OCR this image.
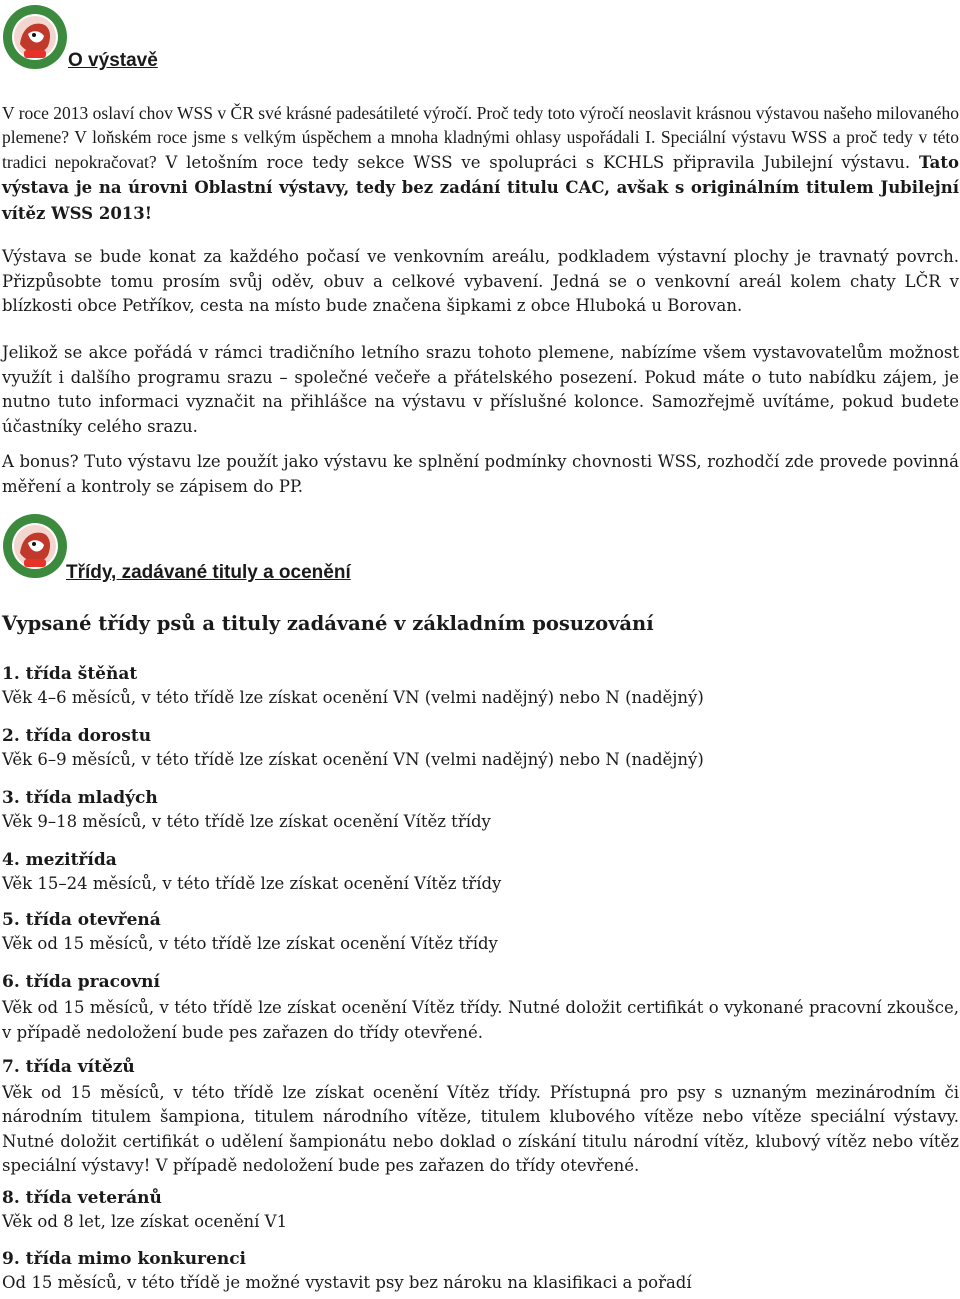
O výstavě

V roce 2013 oslaví chov WSS v ČR své krásné padesátileté výročí. Proč tedy toto výročí neoslavit krásnou výstavou našeho milovaného plemene? V loňském roce jsme s velkým úspěchem a mnoha kladnými ohlasy uspořádali I. Speciální výstavu WSS a proč tedy v této tradici nepokračovat? V letošním roce tedy sekce WSS ve spolupráci s KCHLS připravila Jubilejní výstavu. Tato výstava je na úrovni Oblastní výstavy, tedy bez zadání titulu CAC, avšak s originálním titulem Jubilejní vítěz WSS 2013!

Výstava se bude konat za každého počasí ve venkovním areálu, podkladem výstavní plochy je travnatý povrch. Přizpůsobte tomu prosím svůj oděv, obuv a celkové vybavení. Jedná se o venkovní areál kolem chaty LČR v blízkosti obce Petříkov, cesta na místo bude značena šipkami z obce Hluboká u Borovan.

Jelikož se akce pořádá v rámci tradičního letního srazu tohoto plemene, nabízíme všem vystavovatelům možnost využít i dalšího programu srazu – společné večeře a přátelského posezení. Pokud máte o tuto nabídku zájem, je nutno tuto informaci vyznačit na přihlášce na výstavu v příslušné kolonce. Samozřejmě uvítáme, pokud budete účastníky celého srazu.

A bonus? Tuto výstavu lze použít jako výstavu ke splnění podmínky chovnosti WSS, rozhodčí zde provede povinná měření a kontroly se zápisem do PP.

Třídy, zadávané tituly a ocenění
Vypsané třídy psů a tituly zadávané v základním posuzování
1. třída štěňat
Věk 4–6 měsíců, v této třídě lze získat ocenění VN (velmi nadějný) nebo N (nadějný)
2. třída dorostu
Věk 6–9 měsíců, v této třídě lze získat ocenění VN (velmi nadějný) nebo N (nadějný)
3. třída mladých
Věk 9–18 měsíců, v této třídě lze získat ocenění Vítěz třídy
4. mezitřída
Věk 15–24 měsíců, v této třídě lze získat ocenění Vítěz třídy
5. třída otevřená
Věk od 15 měsíců, v této třídě lze získat ocenění Vítěz třídy
6. třída pracovní

Věk od 15 měsíců, v této třídě lze získat ocenění Vítěz třídy. Nutné doložit certifikát o vykonané pracovní zkoušce, v případě nedoložení bude pes zařazen do třídy otevřené.

7. třída vítězů

Věk od 15 měsíců, v této třídě lze získat ocenění Vítěz třídy. Přístupná pro psy s uznaným mezinárodním či národním titulem šampiona, titulem národního vítěze, titulem klubového vítěze nebo vítěze speciální výstavy. Nutné doložit certifikát o udělení šampionátu nebo doklad o získání titulu národní vítěz, klubový vítěz nebo vítěz speciální výstavy! V případě nedoložení bude pes zařazen do třídy otevřené.

8. třída veteránů
Věk od 8 let, lze získat ocenění V1
9. třída mimo konkurenci
Od 15 měsíců, v této třídě je možné vystavit psy bez nároku na klasifikaci a pořadí
